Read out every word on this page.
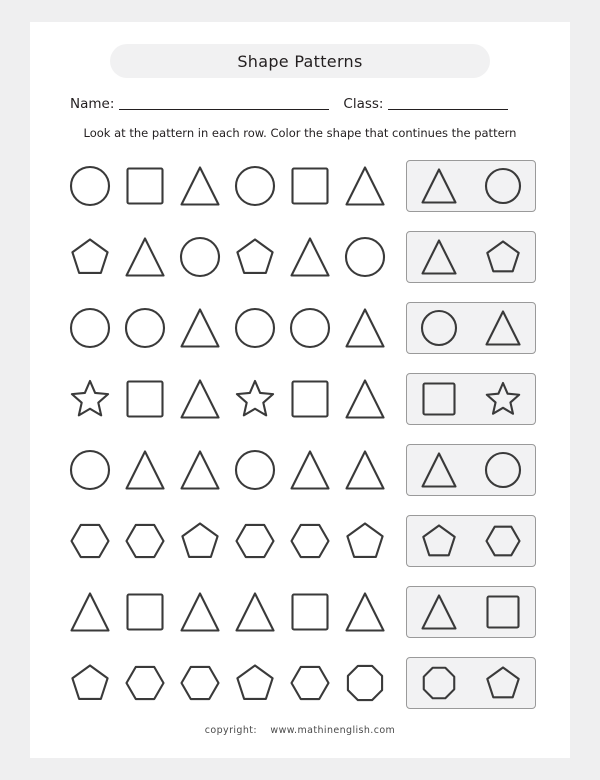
Shape Patterns
Name:	Class:
Look at the pattern in each row. Color the shape that continues the pattern
copyright: www.mathinenglish.com
